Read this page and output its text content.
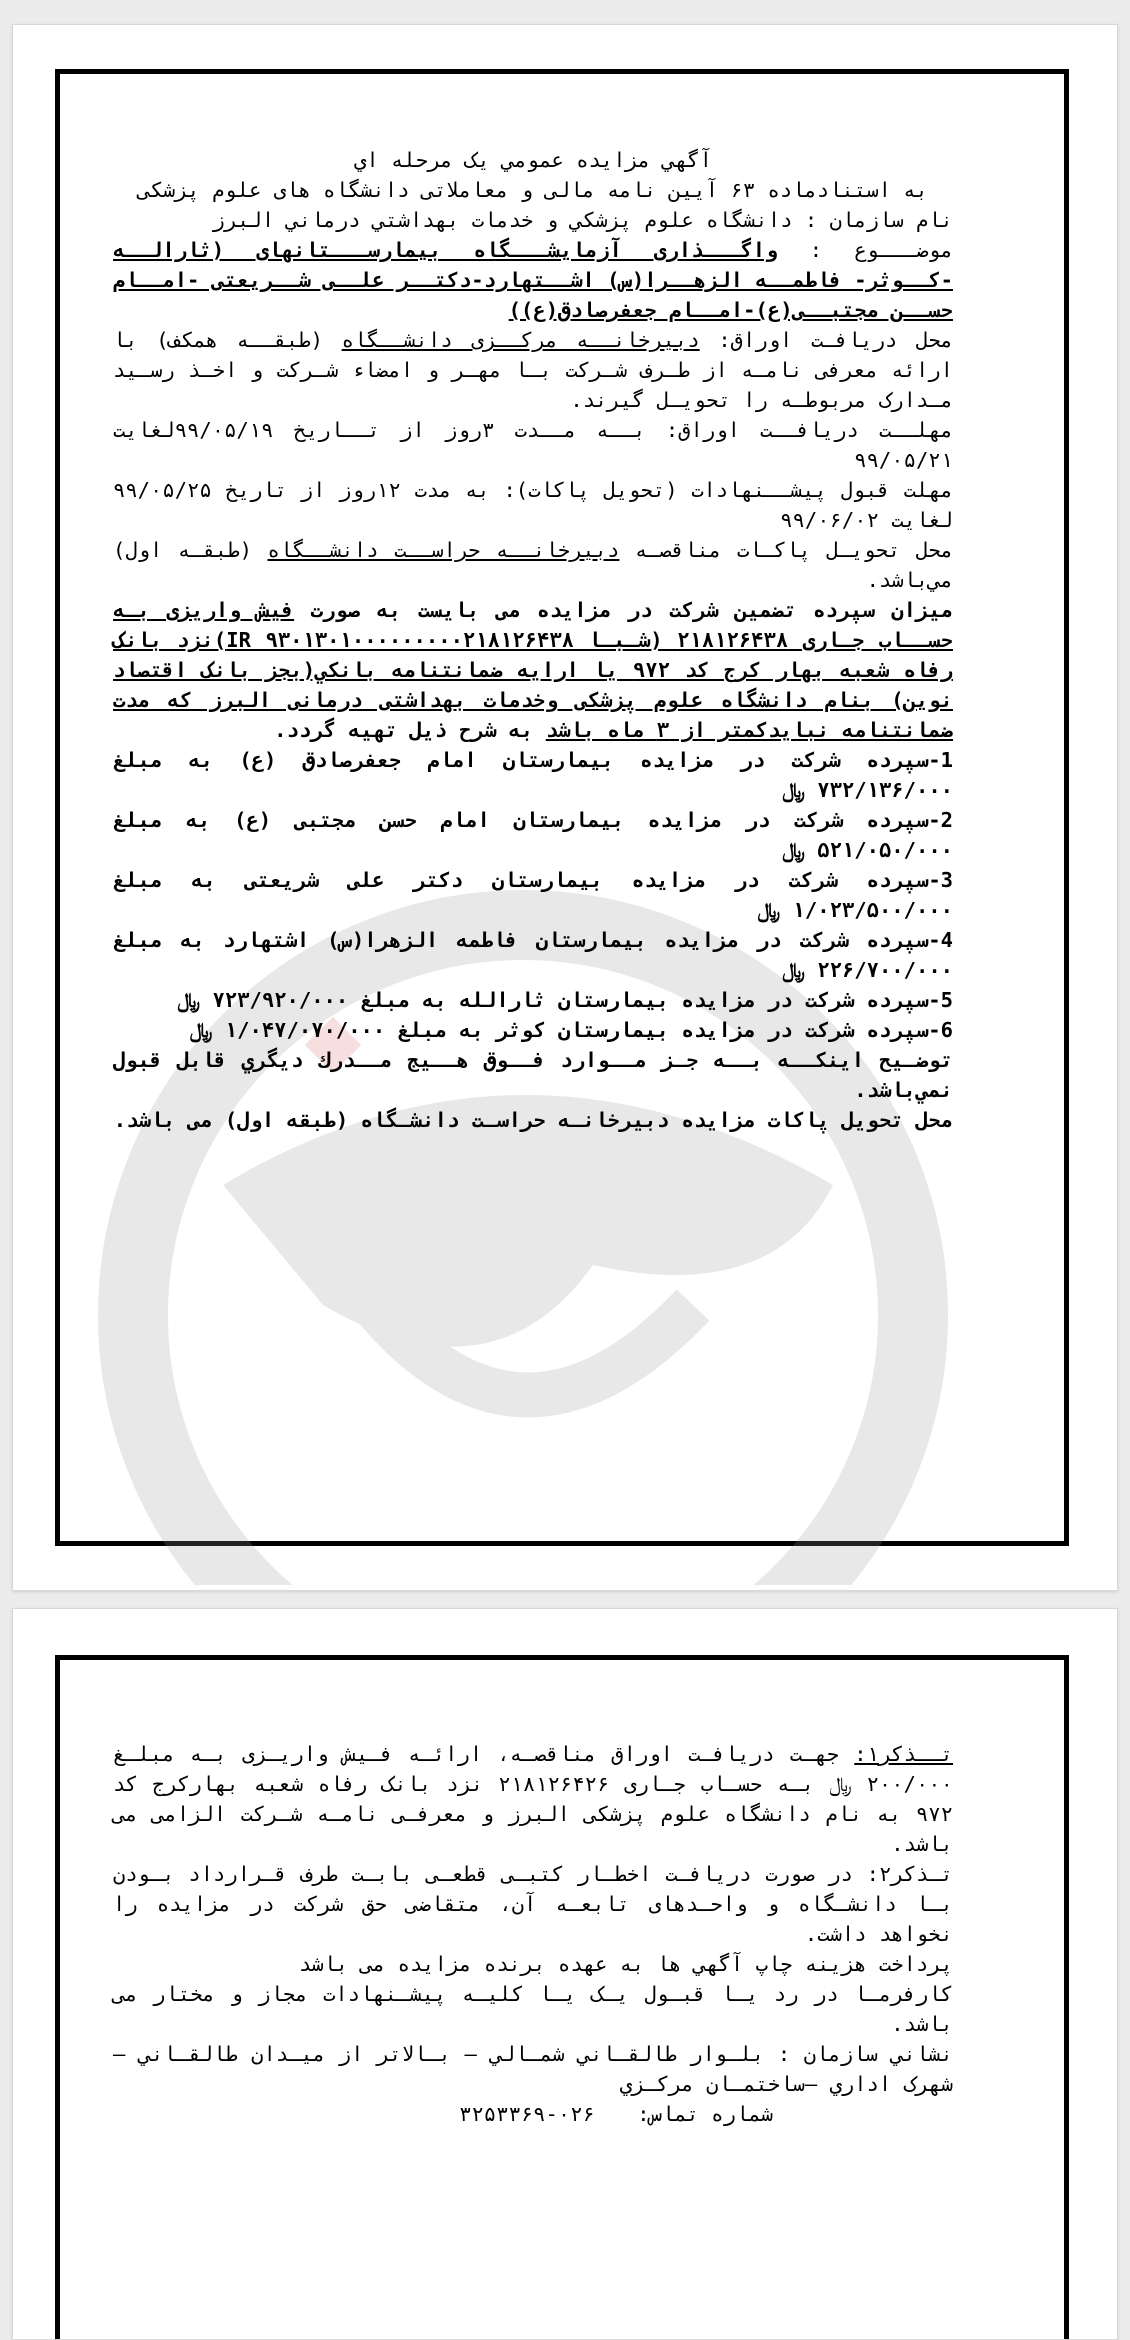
آگهي مزايده عمومي يک مرحله اي

به استنادماده ۶۳ آیین نامه مالی و معاملاتی دانشگاه های علوم پزشکی

نام سازمان : دانشگاه علوم پزشكي و خدمات بهداشتي درماني البرز

موضـــوع : واگـــذاری آزمایشـــگاه بیمارســـتانهای (ثارالــه -کــوثر- فاطمــه الزهــرا(س) اشــتهارد-دکتــر علــی شــریعتی -امــام حســن مجتبــی(ع)-امــام جعفرصادق(ع))

محل دريافـت اوراق: دبیرخانــه مرکــزی دانشــگاه (طبقــه همکف) با ارائه معرفی نامـه از طـرف شـرکت بـا مهـر و امضاء شـرکت و اخـذ رسـيد مـدارک مربوطـه را تحويـل گيرند.

مهلــت دريافــت اوراق: بــه مــدت ۳روز از تــاريخ ۹۹/۰۵/۱۹لغایت ۹۹/۰۵/۲۱

مهلت قبول پيشــنهادات (تحويل پاكات): به مدت ۱۲روز از تاريخ ۹۹/۰۵/۲۵ لغایت ۹۹/۰۶/۰۲

محل تحويـل پاكـات مناقصـه دبیرخانــه حراســت دانشــگاه (طبقـه اول) مي‌باشد.

ميزان سپرده تضمين شرکت در مزايده می بايست به صورت فيش واريزی بـه حســاب جـاری ۲۱۸۱۲۶۴۳۸ (شـبـا ۹۳۰۱۳۰۱۰۰۰۰۰۰۰۰۰۲۱۸۱۲۶۴۳۸ IR)نزد بانک رفاه شعبه بهار کرج کد ۹۷۲ يا ارايه ضمانتنامه بانكي(بجز بانک اقتصاد نوین) بنام دانشگاه علوم پزشکی وخدمات بهداشتی درمانی البرز که مدت ضمانتنامه نبايدکمتر از ۳ ماه باشد به شرح ذيل تهيه گردد.

1-سپرده شرکت در مزایده بیمارستان امام جعفرصادق (ع) به مبلغ ۷۳۲/۱۳۶/۰۰۰ ﷼

2-سپرده شرکت در مزایده بیمارستان امام حسن مجتبی (ع) به مبلغ ۵۲۱/۰۵۰/۰۰۰ ﷼

3-سپرده شرکت در مزایده بیمارستان دکتر علی شریعتی به مبلغ ۱/۰۲۳/۵۰۰/۰۰۰ ﷼

4-سپرده شرکت در مزایده بیمارستان فاطمه الزهرا(س) اشتهارد به مبلغ ۲۲۶/۷۰۰/۰۰۰ ﷼

5-سپرده شرکت در مزایده بیمارستان ثارالله به مبلغ ۷۲۳/۹۲۰/۰۰۰ ﷼

6-سپرده شرکت در مزایده بیمارستان کوثر به مبلغ ۱/۰۴۷/۰۷۰/۰۰۰ ﷼

توضـيح اينكــه بــه جـز مــوارد فــوق هــيج مــدرك ديگري قابل قبول نمي‌باشد.

محل تحويل پاكات مزايده دبيرخانـه حراسـت دانشـگاه (طبقه اول) می باشد.

تــذكر۱: جهـت دريافـت اوراق مناقصـه، ارائـه فـيش واريـزی بـه مبلـغ ۲۰۰/۰۰۰ ﷼ بـه حسـاب جـاری ۲۱۸۱۲۶۴۲۶ نزد بانک رفاه شعبه بهارکرج کد ۹۷۲ به نام دانشگاه علوم پزشکی البرز و معرفـی نامـه شـرکت الزامی می باشد.

تـذكر۲: در صورت دريافـت اخطـار كتبـی قطعـی بابـت طرف قـرارداد بـودن بـا دانشـگاه و واحـدهای تابعـه آن، متقاضی حق شركت در مزايده را نخواهد داشت.

پرداخت هزينه چاپ آگهي ها به عهده برنده مزايده می باشد

كارفرمـا در رد يـا قبـول يـک يـا كليـه پيشـنهادات مجاز و مختار می باشد.

نشاني سازمان : بلـوار طالقـاني شمـالي – بـالاتر از ميـدان طالقـاني – شهرک اداري –ساختمـان مرکـزي

شماره تماس: ۰۲۶-۳۲۵۳۳۶۹
